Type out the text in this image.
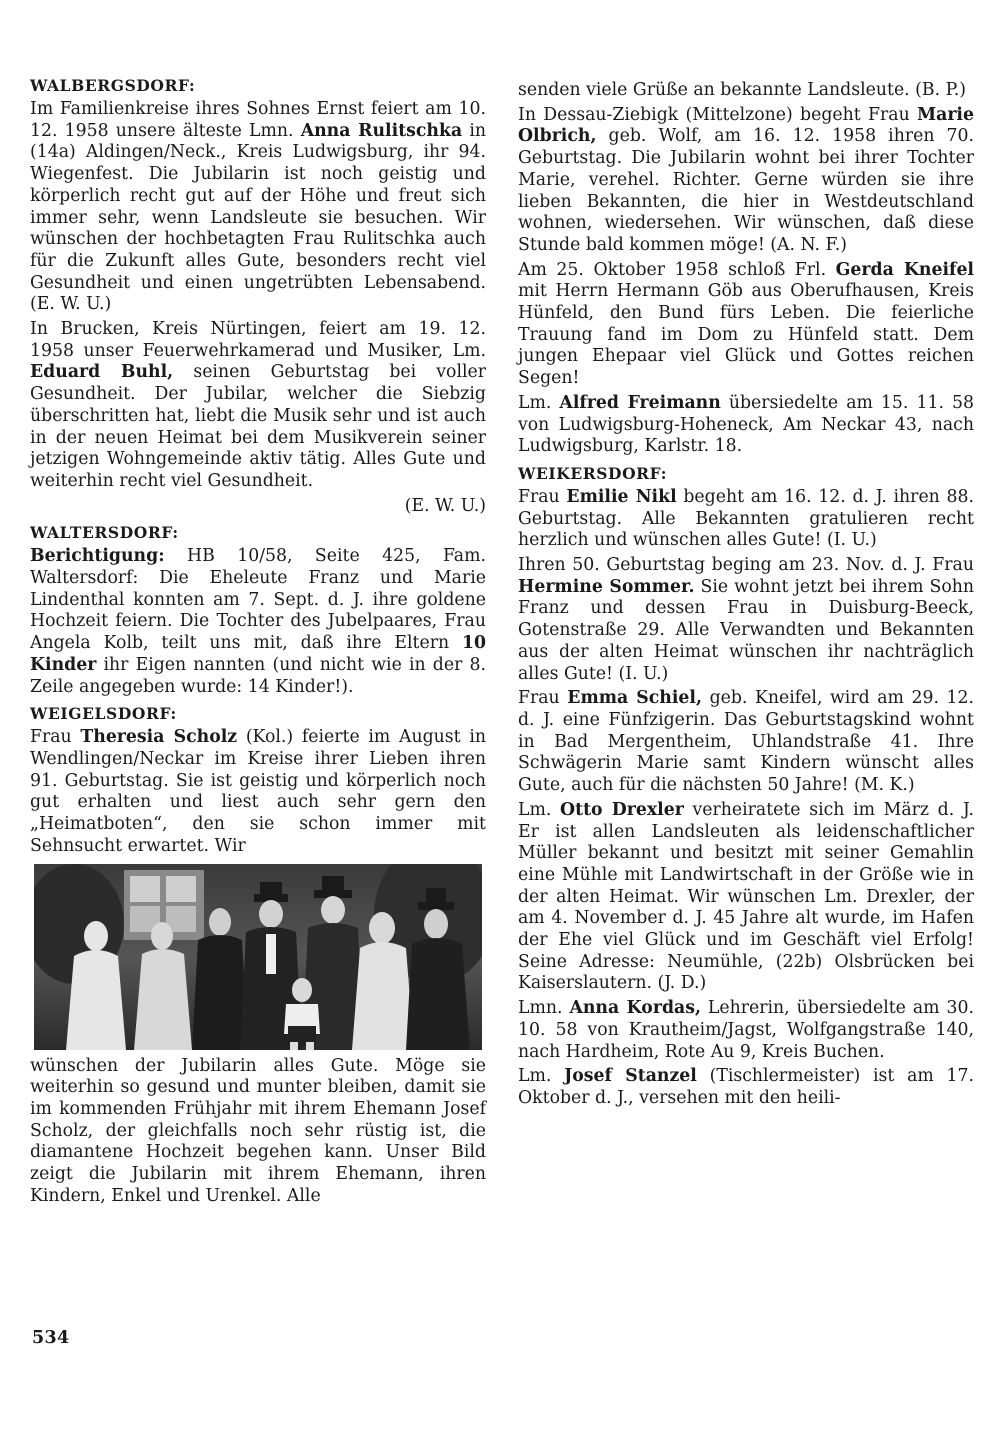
WALBERGSDORF:

Im Familienkreise ihres Sohnes Ernst feiert am 10. 12. 1958 unsere älteste Lmn. Anna Rulitschka in (14a) Aldingen/Neck., Kreis Ludwigsburg, ihr 94. Wiegenfest. Die Jubilarin ist noch geistig und körperlich recht gut auf der Höhe und freut sich immer sehr, wenn Landsleute sie besuchen. Wir wünschen der hochbetagten Frau Rulitschka auch für die Zukunft alles Gute, besonders recht viel Gesundheit und einen ungetrübten Lebensabend. (E. W. U.)

In Brucken, Kreis Nürtingen, feiert am 19. 12. 1958 unser Feuerwehrkamerad und Musiker, Lm. Eduard Buhl, seinen Geburtstag bei voller Gesundheit. Der Jubilar, welcher die Siebzig überschritten hat, liebt die Musik sehr und ist auch in der neuen Heimat bei dem Musikverein seiner jetzigen Wohngemeinde aktiv tätig. Alles Gute und weiterhin recht viel Gesundheit.

(E. W. U.)
WALTERSDORF:

Berichtigung: HB 10/58, Seite 425, Fam. Waltersdorf: Die Eheleute Franz und Marie Lindenthal konnten am 7. Sept. d. J. ihre goldene Hochzeit feiern. Die Tochter des Jubelpaares, Frau Angela Kolb, teilt uns mit, daß ihre Eltern 10 Kinder ihr Eigen nannten (und nicht wie in der 8. Zeile angegeben wurde: 14 Kinder!).

WEIGELSDORF:

Frau Theresia Scholz (Kol.) feierte im August in Wendlingen/Neckar im Kreise ihrer Lieben ihren 91. Geburtstag. Sie ist geistig und körperlich noch gut erhalten und liest auch sehr gern den „Heimatboten“, den sie schon immer mit Sehnsucht erwartet. Wir

wünschen der Jubilarin alles Gute. Möge sie weiterhin so gesund und munter bleiben, damit sie im kommenden Frühjahr mit ihrem Ehemann Josef Scholz, der gleichfalls noch sehr rüstig ist, die diamantene Hochzeit begehen kann. Unser Bild zeigt die Jubilarin mit ihrem Ehemann, ihren Kindern, Enkel und Urenkel. Alle

senden viele Grüße an bekannte Landsleute. (B. P.)

In Dessau-Ziebigk (Mittelzone) begeht Frau Marie Olbrich, geb. Wolf, am 16. 12. 1958 ihren 70. Geburtstag. Die Jubilarin wohnt bei ihrer Tochter Marie, verehel. Richter. Gerne würden sie ihre lieben Bekannten, die hier in Westdeutschland wohnen, wiedersehen. Wir wünschen, daß diese Stunde bald kommen möge! (A. N. F.)

Am 25. Oktober 1958 schloß Frl. Gerda Kneifel mit Herrn Hermann Göb aus Oberufhausen, Kreis Hünfeld, den Bund fürs Leben. Die feierliche Trauung fand im Dom zu Hünfeld statt. Dem jungen Ehepaar viel Glück und Gottes reichen Segen!

Lm. Alfred Freimann übersiedelte am 15. 11. 58 von Ludwigsburg-Hoheneck, Am Neckar 43, nach Ludwigsburg, Karlstr. 18.

WEIKERSDORF:

Frau Emilie Nikl begeht am 16. 12. d. J. ihren 88. Geburtstag. Alle Bekannten gratulieren recht herzlich und wünschen alles Gute! (I. U.)

Ihren 50. Geburtstag beging am 23. Nov. d. J. Frau Hermine Sommer. Sie wohnt jetzt bei ihrem Sohn Franz und dessen Frau in Duisburg-Beeck, Gotenstraße 29. Alle Verwandten und Bekannten aus der alten Heimat wünschen ihr nachträglich alles Gute! (I. U.)

Frau Emma Schiel, geb. Kneifel, wird am 29. 12. d. J. eine Fünfzigerin. Das Geburtstagskind wohnt in Bad Mergentheim, Uhlandstraße 41. Ihre Schwägerin Marie samt Kindern wünscht alles Gute, auch für die nächsten 50 Jahre! (M. K.)

Lm. Otto Drexler verheiratete sich im März d. J. Er ist allen Landsleuten als leidenschaftlicher Müller bekannt und besitzt mit seiner Gemahlin eine Mühle mit Landwirtschaft in der Größe wie in der alten Heimat. Wir wünschen Lm. Drexler, der am 4. November d. J. 45 Jahre alt wurde, im Hafen der Ehe viel Glück und im Geschäft viel Erfolg! Seine Adresse: Neumühle, (22b) Olsbrücken bei Kaiserslautern. (J. D.)

Lmn. Anna Kordas, Lehrerin, übersiedelte am 30. 10. 58 von Krautheim/Jagst, Wolfgangstraße 140, nach Hardheim, Rote Au 9, Kreis Buchen.

Lm. Josef Stanzel (Tischlermeister) ist am 17. Oktober d. J., versehen mit den heili-

534
